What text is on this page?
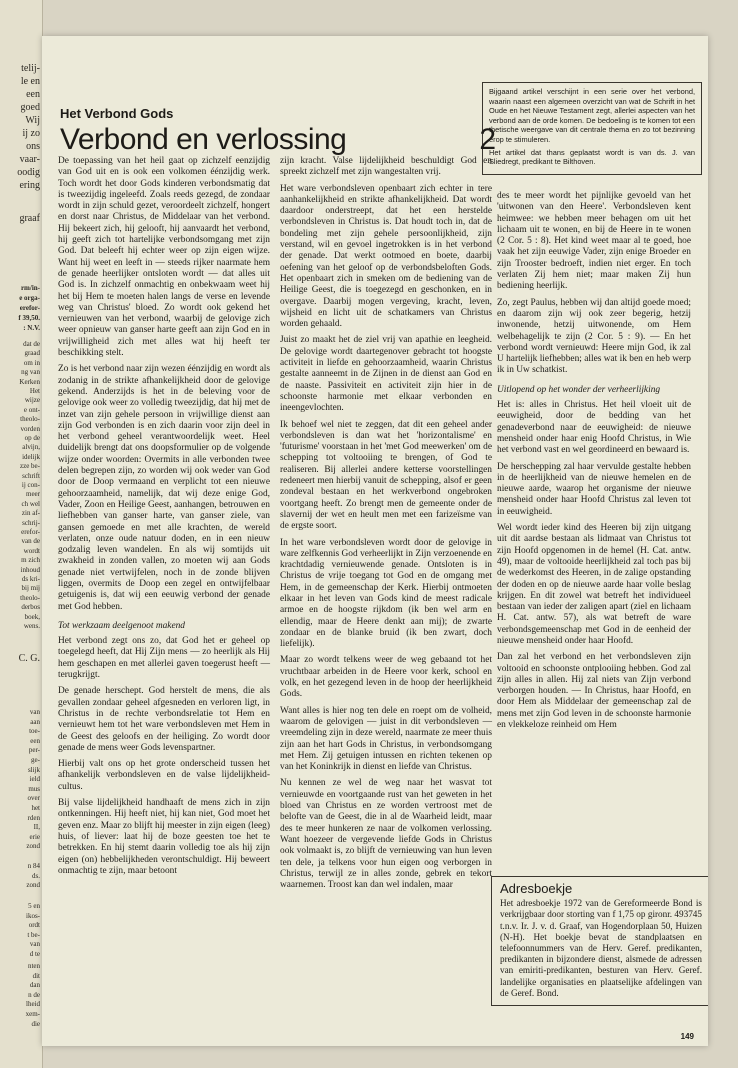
telij-
le en
een
goed
Wij
ij zo
ons
vaar-
oodig
ering
graaf
rm/in-
e orga-
erefor-
f 39,50.
: N.V.
dat de
graad
om in
ng van
Kerken
Het
wijze
e ont-
theolo-
vorden
op de
alvijn,
idelijk
zze be-
schrift
ij con-
meer
ch wel
zin af-
schrij-
erefor-
van de
wordt
m zich
inhoud
ds kri-
bij mij
theolo-
derbos
boek,
wens.
C. G.
van
aan
toe-
een
per-
ge-
slijk
ield
mus
over
het
rden
II,
erie
zond
n 84
ds.
zond
5 en
ikos-
ordt
t be-
van
d te
nten
dit
dan
n de
lheid
xem-
die

Bijgaand artikel verschijnt in een serie over het verbond, waarin naast een algemeen overzicht van wat de Schrift in het Oude en het Nieuwe Testament zegt, allerlei aspecten van het verbond aan de orde komen. De bedoeling is te komen tot een thetische weergave van dit centrale thema en zo tot bezinning erop te stimuleren.

Het artikel dat thans geplaatst wordt is van ds. J. van Sliedregt, predikant te Bilthoven.

Het Verbond Gods
Verbond en verlossing	2

De toepassing van het heil gaat op zichzelf eenzijdig van God uit en is ook een volkomen éénzijdig werk. Toch wordt het door Gods kinderen verbondsmatig dat is tweezijdig ingeleefd. Zoals reeds gezegd, de zondaar wordt in zijn schuld gezet, veroordeelt zichzelf, hongert en dorst naar Christus, de Middelaar van het verbond. Hij bekeert zich, hij gelooft, hij aanvaardt het verbond, hij geeft zich tot hartelijke verbondsomgang met zijn God. Dat beleeft hij echter weer op zijn eigen wijze. Want hij weet en leeft in — steeds rijker naarmate hem de genade heerlijker ontsloten wordt — dat alles uit God is. In zichzelf onmachtig en onbekwaam weet hij het bij Hem te moeten halen langs de verse en levende weg van Christus' bloed. Zo wordt ook gekend het vernieuwen van het verbond, waarbij de gelovige zich weer opnieuw van ganser harte geeft aan zijn God en in vrijwilligheid zich met alles wat hij heeft ter beschikking stelt.

Zo is het verbond naar zijn wezen éénzijdig en wordt als zodanig in de strikte afhankelijkheid door de gelovige gekend. Anderzijds is het in de beleving voor de gelovige ook weer zo volledig tweezijdig, dat hij met de inzet van zijn gehele persoon in vrijwillige dienst aan zijn God verbonden is en zich daarin voor zijn deel in het verbond geheel verantwoordelijk weet. Heel duidelijk brengt dat ons doopsformulier op de volgende wijze onder woorden: Overmits in alle verbonden twee delen begrepen zijn, zo worden wij ook weder van God door de Doop vermaand en verplicht tot een nieuwe gehoorzaamheid, namelijk, dat wij deze enige God, Vader, Zoon en Heilige Geest, aanhangen, betrouwen en liefhebben van ganser harte, van ganser ziele, van gansen gemoede en met alle krachten, de wereld verlaten, onze oude natuur doden, en in een nieuw godzalig leven wandelen. En als wij somtijds uit zwakheid in zonden vallen, zo moeten wij aan Gods genade niet vertwijfelen, noch in de zonde blijven liggen, overmits de Doop een zegel en ontwijfelbaar getuigenis is, dat wij een eeuwig verbond der genade met God hebben.

Tot werkzaam deelgenoot makend

Het verbond zegt ons zo, dat God het er geheel op toegelegd heeft, dat Hij Zijn mens — zo heerlijk als Hij hem geschapen en met allerlei gaven toegerust heeft — terugkrijgt.

De genade herschept. God herstelt de mens, die als gevallen zondaar geheel afgesneden en verloren ligt, in Christus in de rechte verbondsrelatie tot Hem en vernieuwt hem tot het ware verbondsleven met Hem in de Geest des geloofs en der heiliging. Zo wordt door genade de mens weer Gods levenspartner.

Hierbij valt ons op het grote onderscheid tussen het afhankelijk verbondsleven en de valse lijdelijkheid-cultus.

Bij valse lijdelijkheid handhaaft de mens zich in zijn ontkenningen. Hij heeft niet, hij kan niet, God moet het geven enz. Maar zo blijft hij meester in zijn eigen (leeg) huis, of liever: laat hij de boze geesten toe het te betrekken. En hij stemt daarin volledig toe als hij zijn eigen (on) hebbelijkheden verontschuldigt. Hij beweert onmachtig te zijn, maar betoont

zijn kracht. Valse lijdelijkheid beschuldigt God en spreekt zichzelf met zijn wangestalten vrij.

Het ware verbondsleven openbaart zich echter in tere aanhankelijkheid en strikte afhankelijkheid. Dat wordt daardoor onderstreept, dat het een herstelde verbondsleven in Christus is. Dat houdt toch in, dat de bondeling met zijn gehele persoonlijkheid, zijn verstand, wil en gevoel ingetrokken is in het verbond der genade. Dat werkt ootmoed en boete, daarbij oefening van het geloof op de verbondsbeloften Gods. Het openbaart zich in smeken om de bediening van de Heilige Geest, die is toegezegd en geschonken, en in overgave. Daarbij mogen vergeving, kracht, leven, wijsheid en licht uit de schatkamers van Christus worden gehaald.

Juist zo maakt het de ziel vrij van apathie en leegheid. De gelovige wordt daartegenover gebracht tot hoogste activiteit in liefde en gehoorzaamheid, waarin Christus gestalte aanneemt in de Zijnen in de dienst aan God en de naaste. Passiviteit en activiteit zijn hier in de schoonste harmonie met elkaar verbonden en ineengevlochten.

Ik behoef wel niet te zeggen, dat dit een geheel ander verbondsleven is dan wat het 'horizontalisme' en 'futurisme' voorstaan in het 'met God meewerken' om de schepping tot voltooiing te brengen, of God te realiseren. Bij allerlei andere ketterse voorstellingen redeneert men hierbij vanuit de schepping, alsof er geen zondeval bestaan en het werkverbond ongebroken voortgang heeft. Zo brengt men de gemeente onder de slavernij der wet en heult men met een farizeïsme van de ergste soort.

In het ware verbondsleven wordt door de gelovige in ware zelfkennis God verheerlijkt in Zijn verzoenende en krachtdadig vernieuwende genade. Ontsloten is in Christus de vrije toegang tot God en de omgang met Hem, in de gemeenschap der Kerk. Hierbij ontmoeten elkaar in het leven van Gods kind de meest radicale armoe en de hoogste rijkdom (ik ben wel arm en ellendig, maar de Heere denkt aan mij); de zwarte zondaar en de blanke bruid (ik ben zwart, doch liefelijk).

Maar zo wordt telkens weer de weg gebaand tot het vruchtbaar arbeiden in de Heere voor kerk, school en volk, en het gezegend leven in de hoop der heerlijkheid Gods.

Want alles is hier nog ten dele en roept om de volheid, waarom de gelovigen — juist in dit verbondsleven — vreemdeling zijn in deze wereld, naarmate ze meer thuis zijn aan het hart Gods in Christus, in verbondsomgang met Hem. Zij getuigen intussen en richten tekenen op van het Koninkrijk in dienst en liefde van Christus.

Nu kennen ze wel de weg naar het wasvat tot vernieuwde en voortgaande rust van het geweten in het bloed van Christus en ze worden vertroost met de belofte van de Geest, die in al de Waarheid leidt, maar des te meer hunkeren ze naar de volkomen verlossing. Want hoezeer de vergevende liefde Gods in Christus ook volmaakt is, zo blijft de vernieuwing van hun leven ten dele, ja telkens voor hun eigen oog verborgen in Christus, terwijl ze in alles zonde, gebrek en tekort waarnemen. Troost kan dan wel indalen, maar

des te meer wordt het pijnlijke gevoeld van het 'uitwonen van den Heere'. Verbondsleven kent heimwee: we hebben meer behagen om uit het lichaam uit te wonen, en bij de Heere in te wonen (2 Cor. 5 : 8). Het kind weet maar al te goed, hoe vaak het zijn eeuwige Vader, zijn enige Broeder en zijn Trooster bedroeft, indien niet erger. En toch verlaten Zij hem niet; maar maken Zij hun bediening heerlijk.

Zo, zegt Paulus, hebben wij dan altijd goede moed; en daarom zijn wij ook zeer begerig, hetzij inwonende, hetzij uitwonende, om Hem welbehagelijk te zijn (2 Cor. 5 : 9). — En het verbond wordt vernieuwd: Heere mijn God, ik zal U hartelijk liefhebben; alles wat ik ben en heb werp ik in Uw schatkist.

Uitlopend op het wonder der verheerlijking

Het is: alles in Christus. Het heil vloeit uit de eeuwigheid, door de bedding van het genadeverbond naar de eeuwigheid: de nieuwe mensheid onder haar enig Hoofd Christus, in Wie het verbond vast en wel geordineerd en bewaard is.

De herschepping zal haar vervulde gestalte hebben in de heerlijkheid van de nieuwe hemelen en de nieuwe aarde, waarop het organisme der nieuwe mensheid onder haar Hoofd Christus zal leven tot in eeuwigheid.

Wel wordt ieder kind des Heeren bij zijn uitgang uit dit aardse bestaan als lidmaat van Christus tot zijn Hoofd opgenomen in de hemel (H. Cat. antw. 49), maar de voltooide heerlijkheid zal toch pas bij de wederkomst des Heeren, in de zalige opstanding der doden en op de nieuwe aarde haar volle beslag krijgen. En dit zowel wat betreft het individueel bestaan van ieder der zaligen apart (ziel en lichaam H. Cat. antw. 57), als wat betreft de ware verbondsgemeenschap met God in de eenheid der nieuwe mensheid onder haar Hoofd.

Dan zal het verbond en het verbondsleven zijn voltooid en schoonste ontplooiing hebben. God zal zijn alles in allen. Hij zal niets van Zijn verbond verborgen houden. — In Christus, haar Hoofd, en door Hem als Middelaar der gemeenschap zal de mens met zijn God leven in de schoonste harmonie en vlekkeloze reinheid om Hem

Adresboekje

Het adresboekje 1972 van de Gereformeerde Bond is verkrijgbaar door storting van f 1,75 op gironr. 493745 t.n.v. Ir. J. v. d. Graaf, van Hogendorplaan 50, Huizen (N-H). Het boekje bevat de standplaatsen en telefoonnummers van de Herv. Geref. predikanten, predikanten in bijzondere dienst, alsmede de adressen van emiriti-predikanten, besturen van Herv. Geref. landelijke organisaties en plaatselijke afdelingen van de Geref. Bond.

149
